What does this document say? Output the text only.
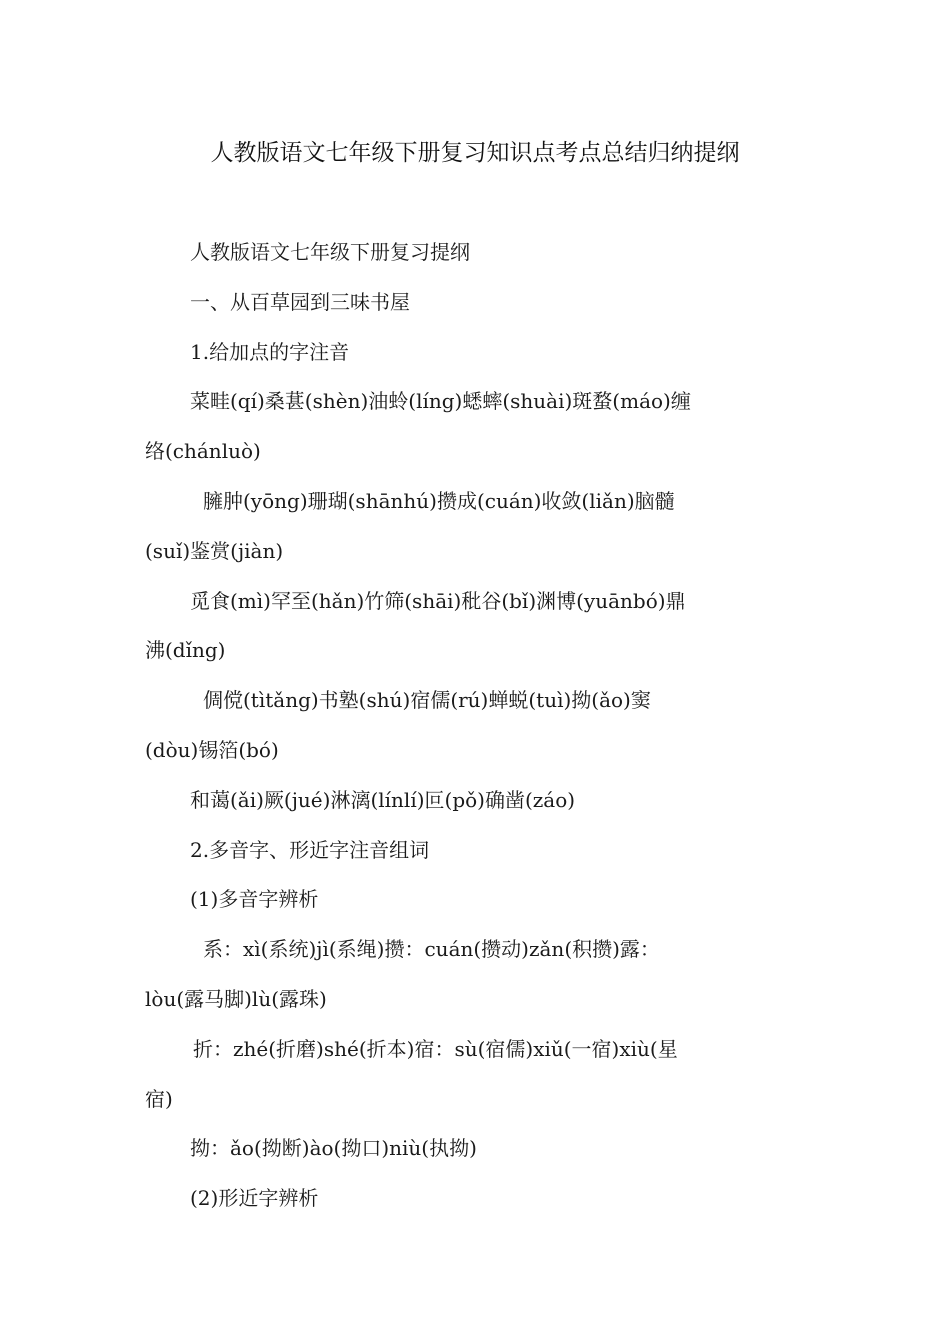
人教版语文七年级下册复习知识点考点总结归纳提纲
人教版语文七年级下册复习提纲
一、从百草园到三味书屋
1.给加点的字注音
菜畦(qí)桑葚(shèn)油蛉(líng)蟋蟀(shuài)斑蝥(máo)缠
络(chánluò)
臃肿(yōng)珊瑚(shānhú)攒成(cuán)收敛(liǎn)脑髓
(suǐ)鉴赏(jiàn)
觅食(mì)罕至(hǎn)竹筛(shāi)秕谷(bǐ)渊博(yuānbó)鼎
沸(dǐng)
倜傥(tìtǎng)书塾(shú)宿儒(rú)蝉蜕(tuì)拗(ǎo)窦
(dòu)锡箔(bó)
和蔼(ǎi)厥(jué)淋漓(línlí)叵(pǒ)确凿(záo)
2.多音字、形近字注音组词
(1)多音字辨析
系：xì(系统)jì(系绳)攒：cuán(攒动)zǎn(积攒)露：
lòu(露马脚)lù(露珠)
折：zhé(折磨)shé(折本)宿：sù(宿儒)xiǔ(一宿)xiù(星
宿)
拗：ǎo(拗断)ào(拗口)niù(执拗)
(2)形近字辨析
